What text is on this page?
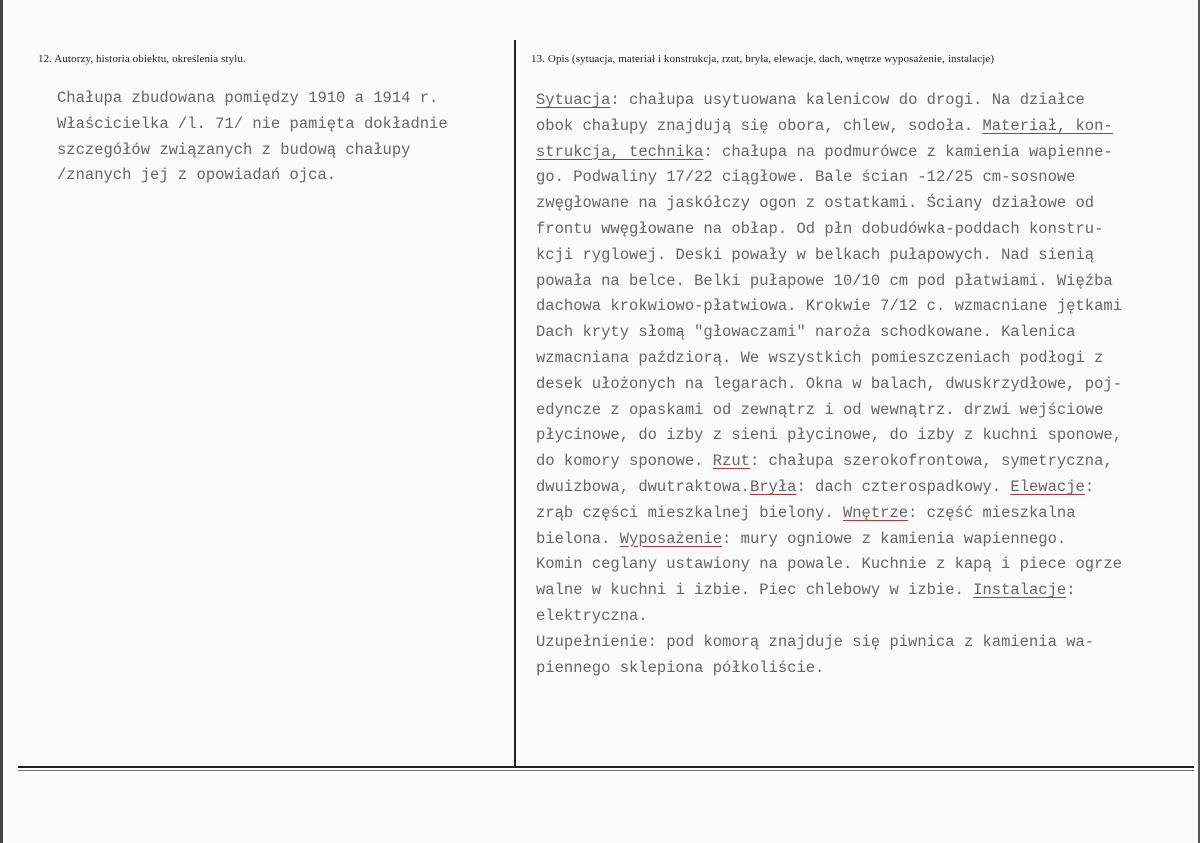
12. Autorzy, historia obiektu, określenia stylu.	13. Opis (sytuacja, materiał i konstrukcja, rzut, bryła, elewacje, dach, wnętrze wyposażenie, instalacje)
Chałupa zbudowana pomiędzy 1910 a 1914 r.
Właścicielka /l. 71/ nie pamięta dokładnie
szczegółów związanych z budową chałupy
/znanych jej z opowiadań ojca.
Sytuacja: chałupa usytuowana kalenicow do drogi. Na działce
obok chałupy znajdują się obora, chlew, sodoła. Materiał, kon-
strukcja, technika: chałupa na podmurówce z kamienia wapienne-
go. Podwaliny 17/22 ciągłowe. Bale ścian -12/25 cm-sosnowe
zwęgłowane na jaskółczy ogon z ostatkami. Ściany działowe od
frontu wwęgłowane na obłap. Od płn dobudówka-poddach konstru-
kcji ryglowej. Deski powały w belkach pułapowych. Nad sienią
powała na belce. Belki pułapowe 10/10 cm pod płatwiami. Więźba
dachowa krokwiowo-płatwiowa. Krokwie 7/12 c. wzmacniane jętkami
Dach kryty słomą "głowaczami" naroża schodkowane. Kalenica
wzmacniana paździorą. We wszystkich pomieszczeniach podłogi z
desek ułożonych na legarach. Okna w balach, dwuskrzydłowe, poj-
edyncze z opaskami od zewnątrz i od wewnątrz. drzwi wejściowe
płycinowe, do izby z sieni płycinowe, do izby z kuchni sponowe,
do komory sponowe. Rzut: chałupa szerokofrontowa, symetryczna,
dwuizbowa, dwutraktowa.Bryła: dach czterospadkowy. Elewacje:
zrąb części mieszkalnej bielony. Wnętrze: część mieszkalna
bielona. Wyposażenie: mury ogniowe z kamienia wapiennego.
Komin ceglany ustawiony na powale. Kuchnie z kapą i piece ogrze
walne w kuchni i izbie. Piec chlebowy w izbie. Instalacje:
elektryczna.
Uzupełnienie: pod komorą znajduje się piwnica z kamienia wa-
piennego sklepiona półkoliście.
